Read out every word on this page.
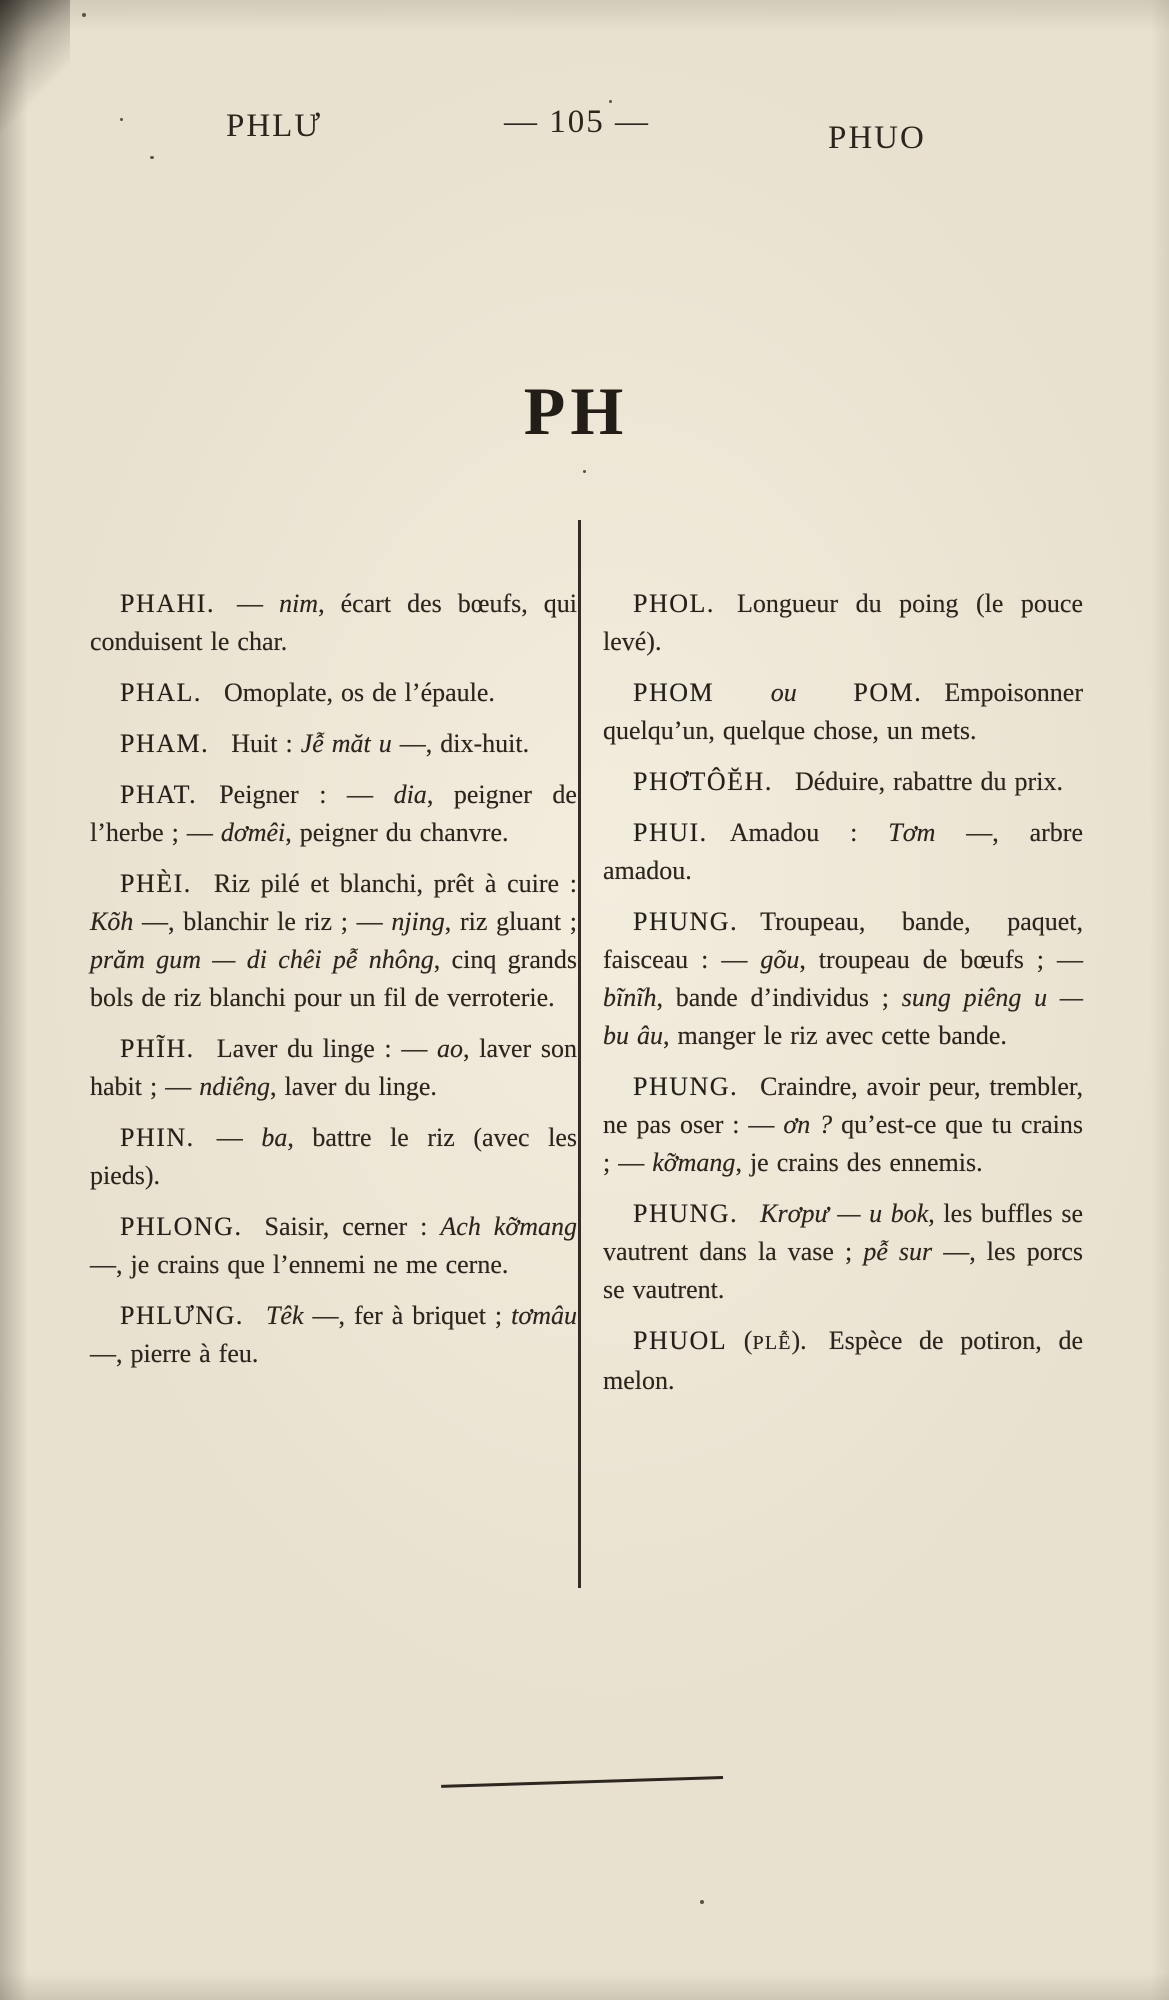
PHLƯ	— 105 —	PHUO
PH

PHAHI. — nim, écart des bœufs, qui conduisent le char.

PHAL. Omoplate, os de l’épaule.

PHAM. Huit : Jễ măt u —, dix-huit.

PHAT. Peigner : — dia, peigner de l’herbe ; — dơmêi, peigner du chanvre.

PHÈI. Riz pilé et blanchi, prêt à cuire : Kõh —, blanchir le riz ; — njing, riz gluant ; prăm gum — di chêi pễ nhông, cinq grands bols de riz blanchi pour un fil de verroterie.

PHĨH. Laver du linge : — ao, laver son habit ; — ndiêng, laver du linge.

PHIN. — ba, battre le riz (avec les pieds).

PHLONG. Saisir, cerner : Ach kỡmang —, je crains que l’ennemi ne me cerne.

PHLƯNG. Têk —, fer à briquet ; tơmâu —, pierre à feu.

PHOL. Longueur du poing (le pouce levé).

PHOM ou POM. Empoisonner quelqu’un, quelque chose, un mets.

PHƠTÔĔH. Déduire, rabattre du prix.

PHUI. Amadou : Tơm —, arbre amadou.

PHUNG. Troupeau, bande, paquet, faisceau : — gõu, troupeau de bœufs ; — bĩnĩh, bande d’individus ; sung piêng u — bu âu, manger le riz avec cette bande.

PHUNG. Craindre, avoir peur, trembler, ne pas oser : — ơn ? qu’est-ce que tu crains ; — kỡmang, je crains des ennemis.

PHUNG. Krơpư — u bok, les buffles se vautrent dans la vase ; pễ sur —, les porcs se vautrent.

PHUOL (PLỄ). Espèce de potiron, de melon.
